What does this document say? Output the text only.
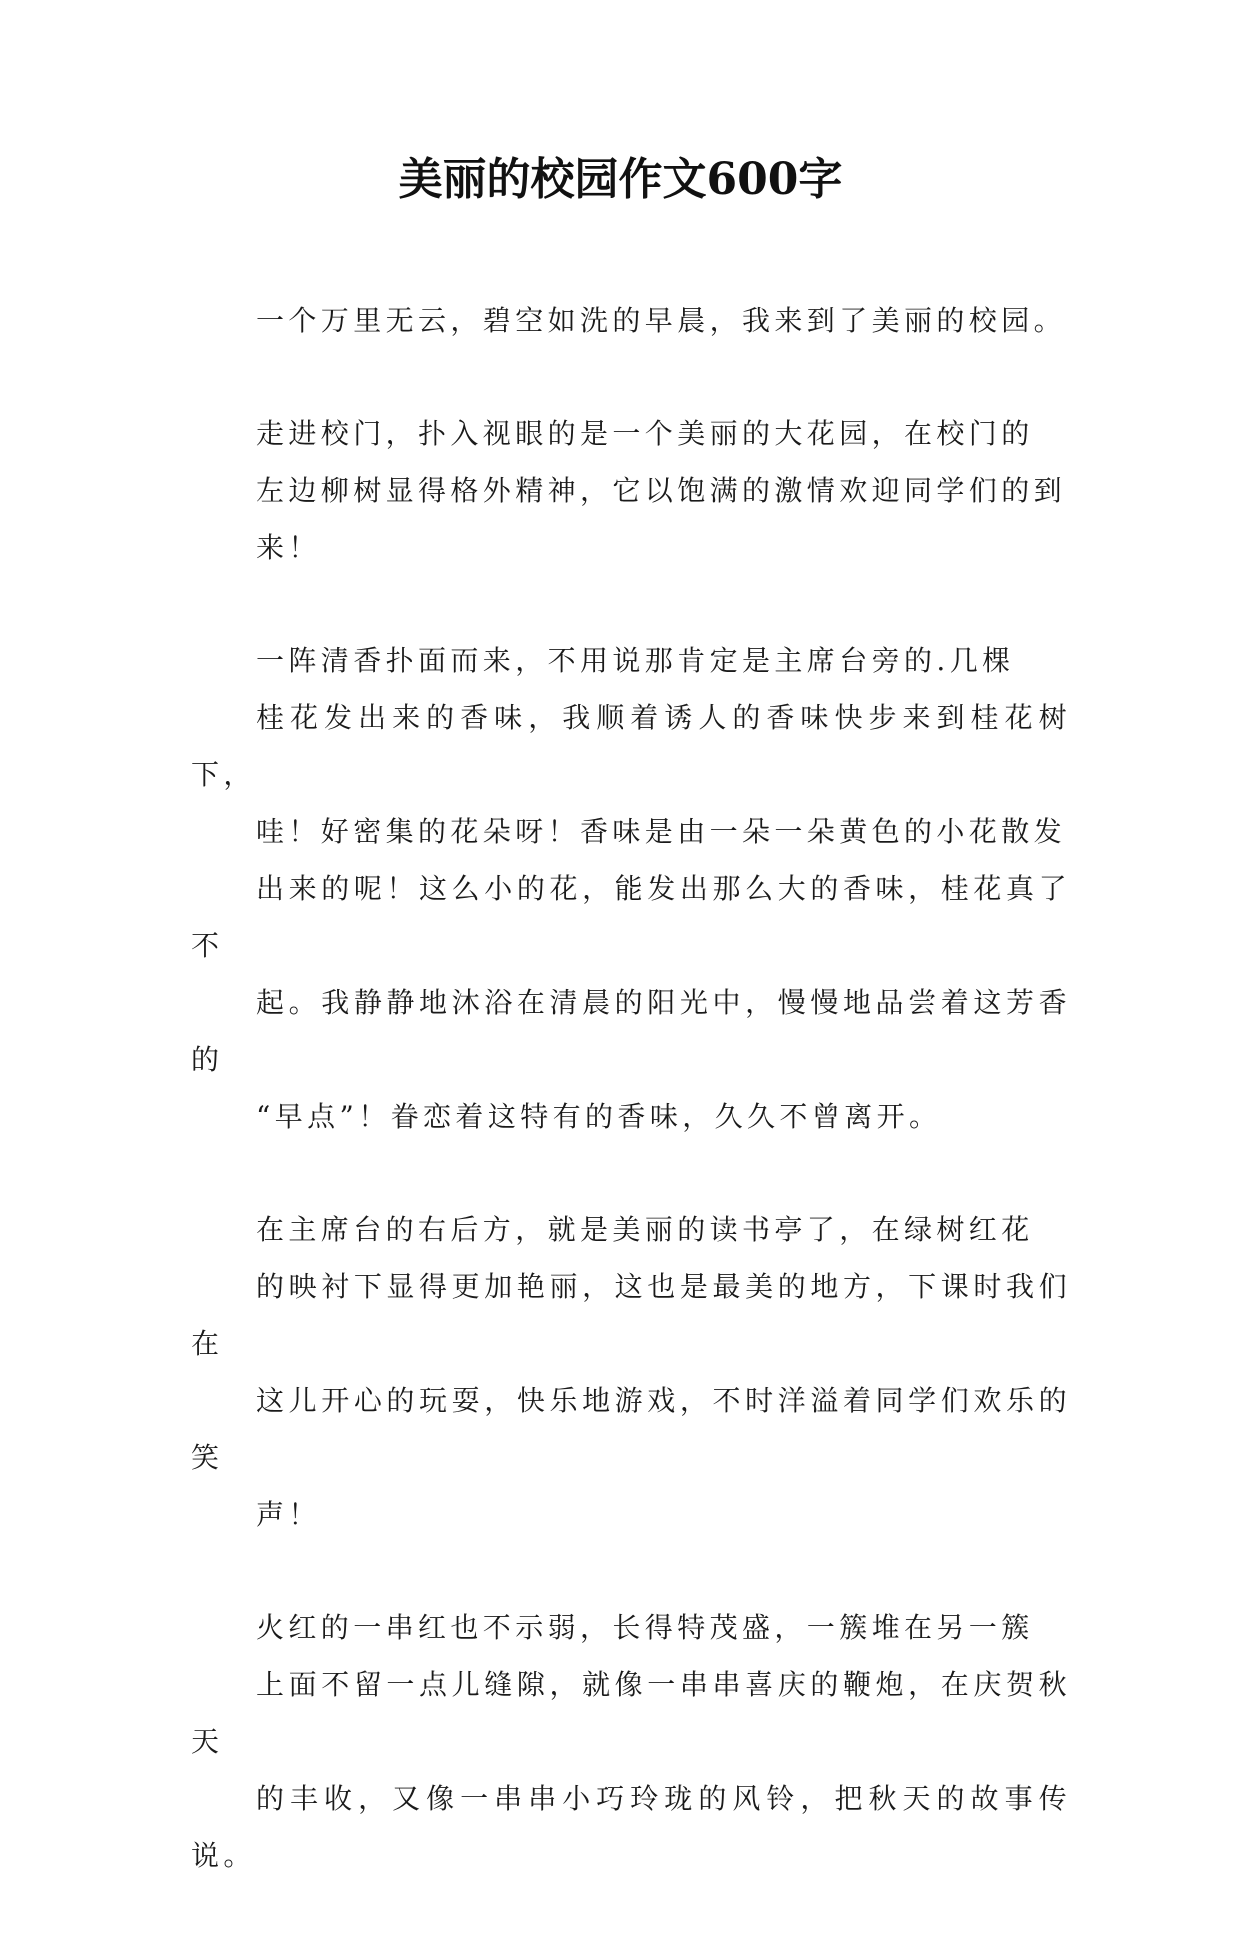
美丽的校园作文600字

一个万里无云，碧空如洗的早晨，我来到了美丽的校园。

走进校门，扑入视眼的是一个美丽的大花园，在校门的
左边柳树显得格外精神，它以饱满的激情欢迎同学们的到
来！

一阵清香扑面而来，不用说那肯定是主席台旁的.几棵
桂花发出来的香味，我顺着诱人的香味快步来到桂花树下，
哇！好密集的花朵呀！香味是由一朵一朵黄色的小花散发
出来的呢！这么小的花，能发出那么大的香味，桂花真了不
起。我静静地沐浴在清晨的阳光中，慢慢地品尝着这芳香的
“早点”！眷恋着这特有的香味，久久不曾离开。

在主席台的右后方，就是美丽的读书亭了，在绿树红花
的映衬下显得更加艳丽，这也是最美的地方，下课时我们在
这儿开心的玩耍，快乐地游戏，不时洋溢着同学们欢乐的笑
声！

火红的一串红也不示弱，长得特茂盛，一簇堆在另一簇
上面不留一点儿缝隙，就像一串串喜庆的鞭炮，在庆贺秋天
的丰收，又像一串串小巧玲珑的风铃，把秋天的故事传说。
